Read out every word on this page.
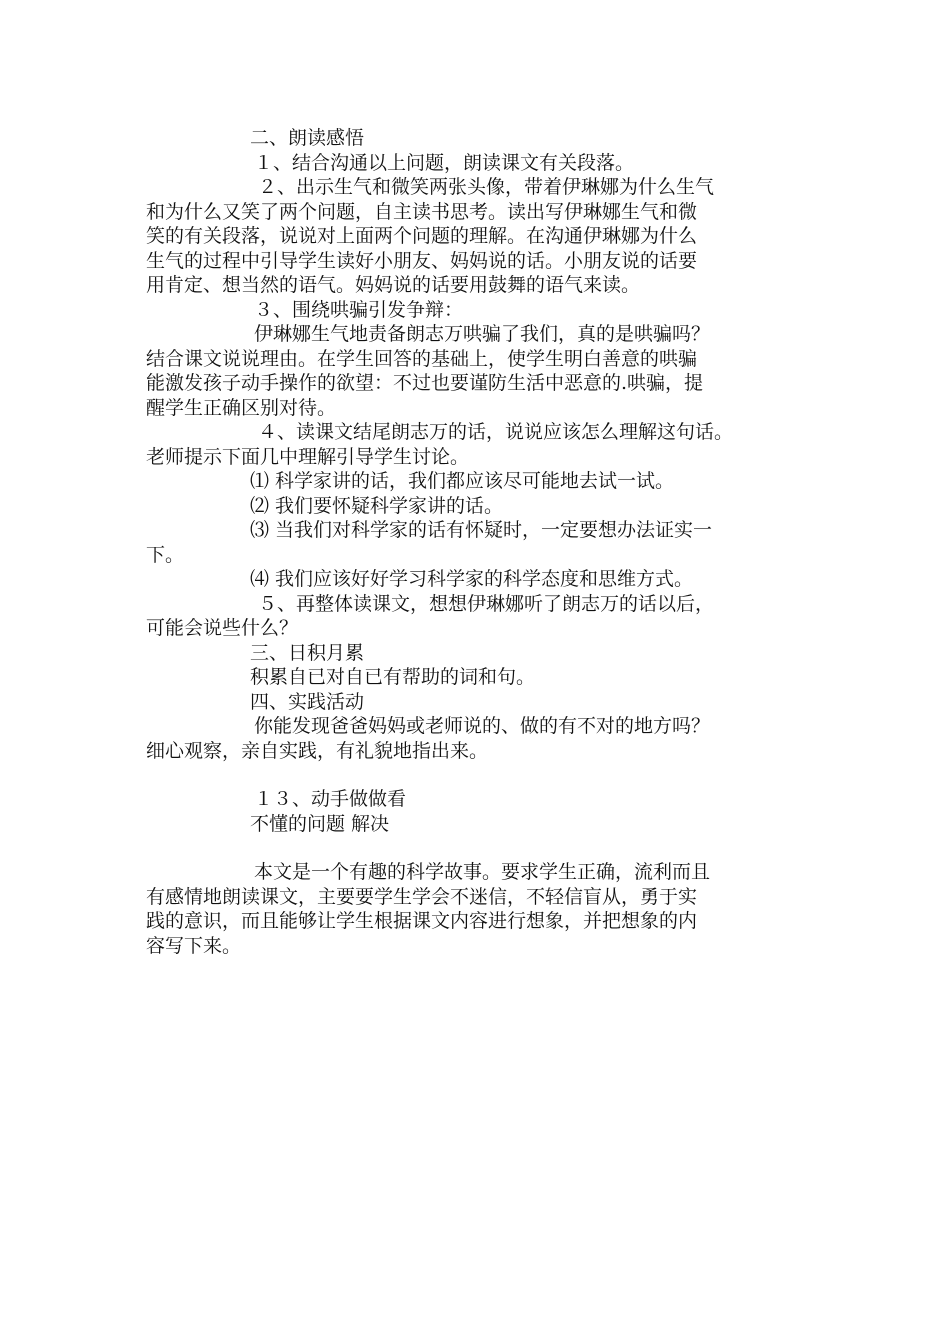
二、朗读感悟
１、结合沟通以上问题，朗读课文有关段落。
２、出示生气和微笑两张头像，带着伊琳娜为什么生气
和为什么又笑了两个问题，自主读书思考。读出写伊琳娜生气和微
笑的有关段落，说说对上面两个问题的理解。在沟通伊琳娜为什么
生气的过程中引导学生读好小朋友、妈妈说的话。小朋友说的话要
用肯定、想当然的语气。妈妈说的话要用鼓舞的语气来读。
３、围绕哄骗引发争辩：
伊琳娜生气地责备朗志万哄骗了我们，真的是哄骗吗？
结合课文说说理由。在学生回答的基础上，使学生明白善意的哄骗
能激发孩子动手操作的欲望：不过也要谨防生活中恶意的.哄骗，提
醒学生正确区别对待。
４、读课文结尾朗志万的话，说说应该怎么理解这句话。
老师提示下面几中理解引导学生讨论。
⑴ 科学家讲的话，我们都应该尽可能地去试一试。
⑵ 我们要怀疑科学家讲的话。
⑶ 当我们对科学家的话有怀疑时，一定要想办法证实一
下。
⑷ 我们应该好好学习科学家的科学态度和思维方式。
５、再整体读课文，想想伊琳娜听了朗志万的话以后，
可能会说些什么？
三、日积月累
积累自已对自已有帮助的词和句。
四、实践活动
你能发现爸爸妈妈或老师说的、做的有不对的地方吗？
细心观察，亲自实践，有礼貌地指出来。
１３、动手做做看
不懂的问题 解决
本文是一个有趣的科学故事。要求学生正确，流利而且
有感情地朗读课文，主要要学生学会不迷信，不轻信盲从，勇于实
践的意识，而且能够让学生根据课文内容进行想象，并把想象的内
容写下来。
